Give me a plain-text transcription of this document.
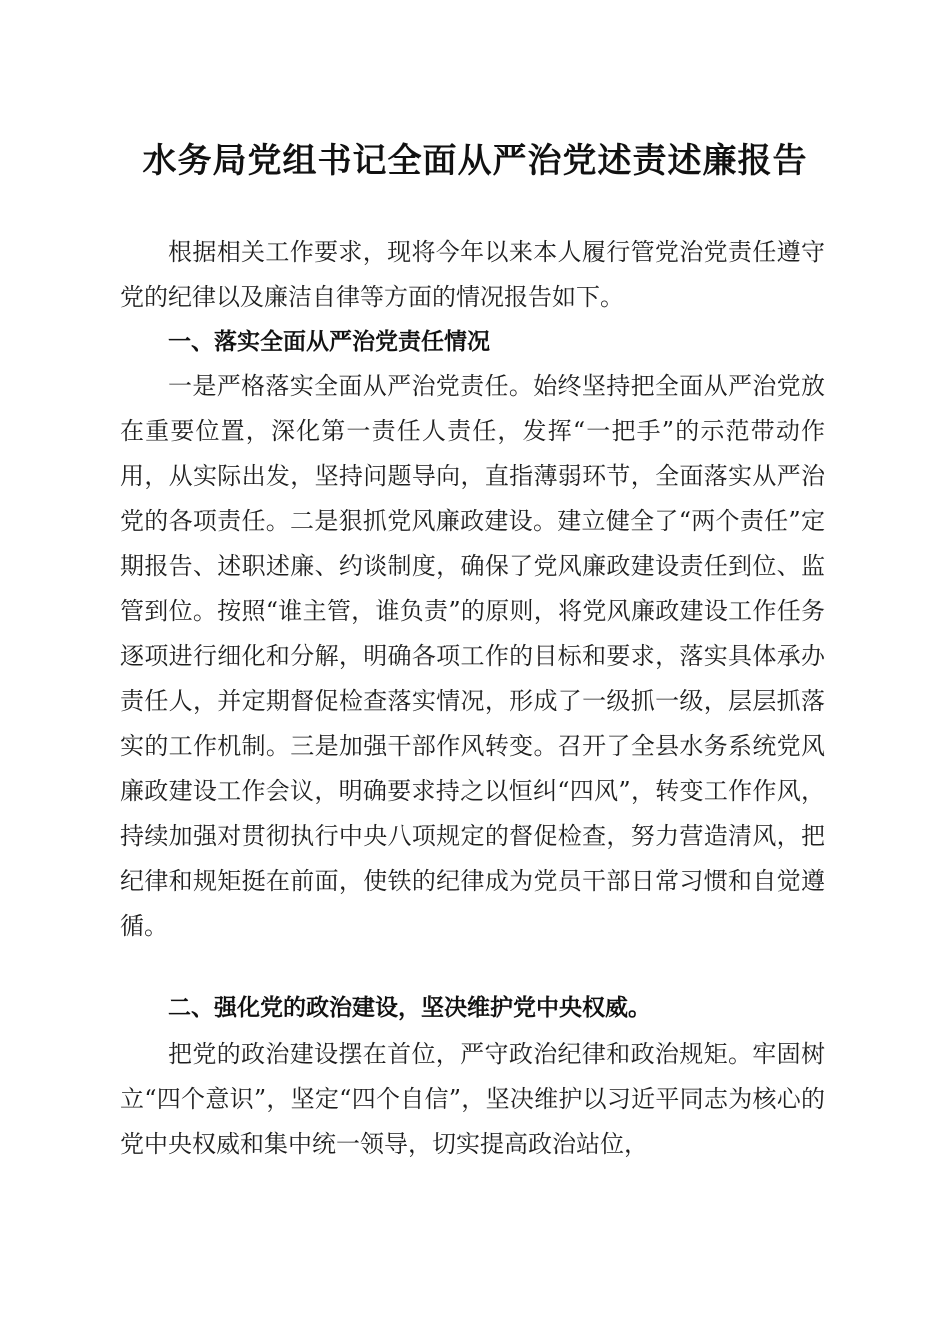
水务局党组书记全面从严治党述责述廉报告

根据相关工作要求，现将今年以来本人履行管党治党责任遵守党的纪律以及廉洁自律等方面的情况报告如下。

一、落实全面从严治党责任情况

一是严格落实全面从严治党责任。始终坚持把全面从严治党放在重要位置，深化第一责任人责任，发挥“一把手”的示范带动作用，从实际出发，坚持问题导向，直指薄弱环节，全面落实从严治党的各项责任。二是狠抓党风廉政建设。建立健全了“两个责任”定期报告、述职述廉、约谈制度，确保了党风廉政建设责任到位、监管到位。按照“谁主管，谁负责”的原则，将党风廉政建设工作任务逐项进行细化和分解，明确各项工作的目标和要求，落实具体承办责任人，并定期督促检查落实情况，形成了一级抓一级，层层抓落实的工作机制。三是加强干部作风转变。召开了全县水务系统党风廉政建设工作会议，明确要求持之以恒纠“四风”，转变工作作风，持续加强对贯彻执行中央八项规定的督促检查，努力营造清风，把纪律和规矩挺在前面，使铁的纪律成为党员干部日常习惯和自觉遵循。

二、强化党的政治建设，坚决维护党中央权威。

把党的政治建设摆在首位，严守政治纪律和政治规矩。牢固树立“四个意识”，坚定“四个自信”，坚决维护以习近平同志为核心的党中央权威和集中统一领导，切实提高政治站位，
